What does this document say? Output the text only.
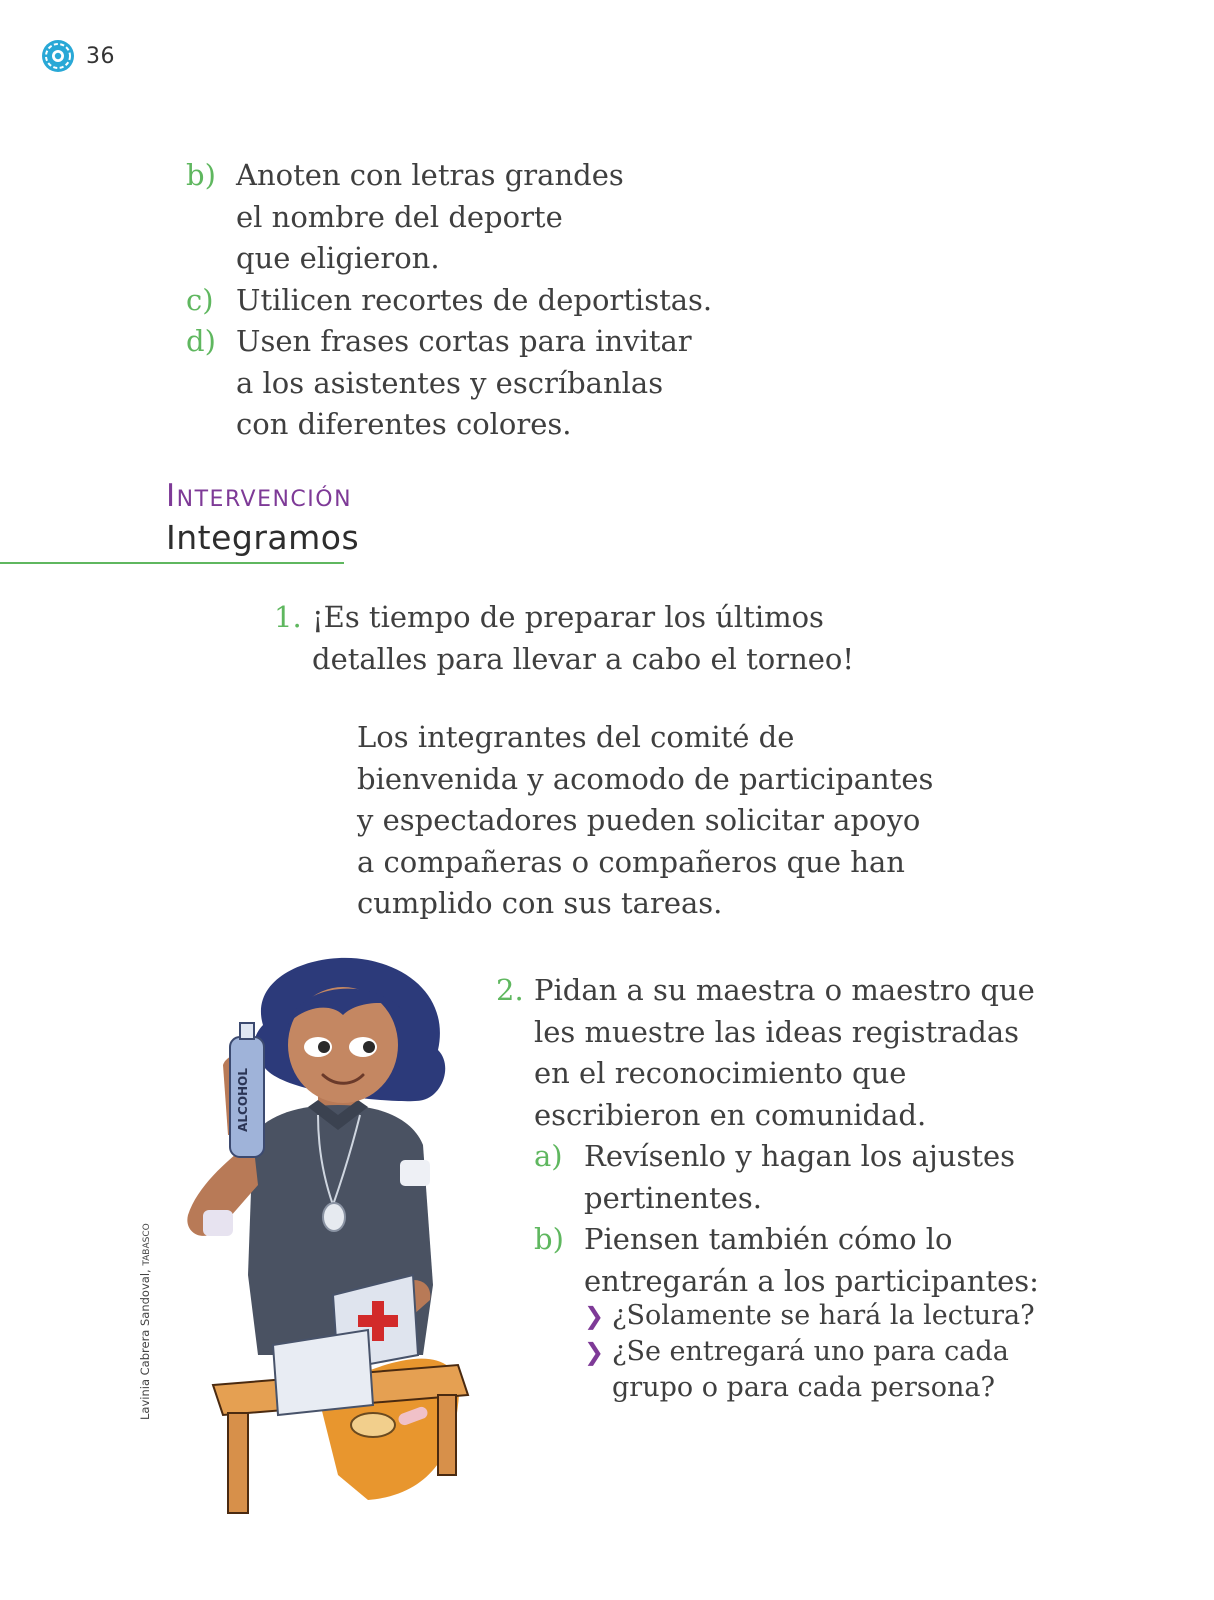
36
b) Anoten con letras grandes

el nombre del deporte

que eligieron.

c) Utilicen recortes de deportistas.

d) Usen frases cortas para invitar

a los asistentes y escríbanlas

con diferentes colores.

Intervención
Integramos
1. ¡Es tiempo de preparar los últimos

detalles para llevar a cabo el torneo!

Los integrantes del comité de

bienvenida y acomodo de participantes

y espectadores pueden solicitar apoyo

a compañeras o compañeros que han

cumplido con sus tareas.

2. Pidan a su maestra o maestro que

les muestre las ideas registradas

en el reconocimiento que

escribieron en comunidad.

a) Revísenlo y hagan los ajustes

pertinentes.

b) Piensen también cómo lo

entregarán a los participantes:

❯ ¿Solamente se hará la lectura?
❯ ¿Se entregará uno para cada
grupo o para cada persona?
ALCOHOL
Lavinia Cabrera Sandoval, TABASCO
